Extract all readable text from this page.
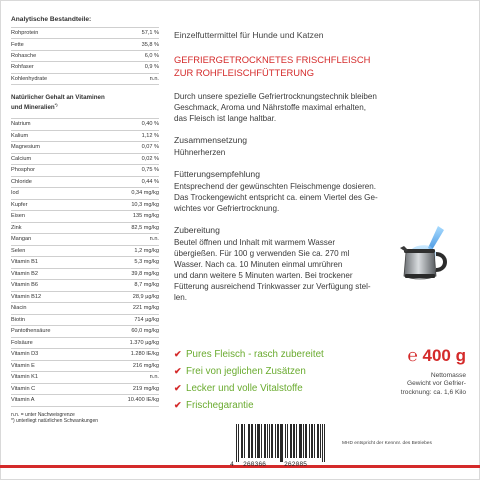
Analytische Bestandteile:
Rohprotein	57,1 %
Fette	35,8 %
Rohasche	6,0 %
Rohfaser	0,9 %
Kohlenhydrate	n.n.
Natürlicher Gehalt an Vitaminen
und Mineralien*)
Natrium	0,40 %
Kalium	1,12 %
Magnesium	0,07 %
Calcium	0,02 %
Phosphor	0,75 %
Chloride	0,44 %
Iod	0,34 mg/kg
Kupfer	10,3 mg/kg
Eisen	135 mg/kg
Zink	82,5 mg/kg
Mangan	n.n.
Selen	1,2 mg/kg
Vitamin B1	5,3 mg/kg
Vitamin B2	39,8 mg/kg
Vitamin B6	8,7 mg/kg
Vitamin B12	28,9 µg/kg
Niacin	221 mg/kg
Biotin	714 µg/kg
Pantothensäure	60,0 mg/kg
Folsäure	1.370 µg/kg
Vitamin D3	1.280 IE/kg
Vitamin E	216 mg/kg
Vitamin K1	n.n.
Vitamin C	219 mg/kg
Vitamin A	10.400 IE/kg
n.n. = unter Nachweisgrenze
*) unterliegt natürlichen Schwankungen
Einzelfuttermittel für Hunde und Katzen
GEFRIERGETROCKNETES FRISCHFLEISCH
ZUR ROHFLEISCHFÜTTERUNG
Durch unsere spezielle Gefriertrocknungstechnik bleiben
Geschmack, Aroma und Nährstoffe maximal erhalten,
das Fleisch ist lange haltbar.
Zusammensetzung
Hühnerherzen
Fütterungsempfehlung
Entsprechend der gewünschten Fleischmenge dosieren.
Das Trockengewicht entspricht ca. einem Viertel des Ge-
wichtes vor Gefriertrocknung.
Zubereitung
Beutel öffnen und Inhalt mit warmem Wasser
übergießen. Für 100 g verwenden Sie ca. 270 ml
Wasser. Nach ca. 10 Minuten einmal umrühren
und dann weitere 5 Minuten warten. Bei trockener
Fütterung ausreichend Trinkwasser zur Verfügung stel-
len.
✔ Pures Fleisch - rasch zubereitet
✔ Frei von jeglichen Zusätzen
✔ Lecker und volle Vitalstoffe
✔ Frischegarantie
℮ 400 g
Nettomasse
Gewicht vor Gefrier-
trocknung: ca. 1,6 Kilo
4 260366	262085
MHD entspricht der Kennnr. des Betriebes
